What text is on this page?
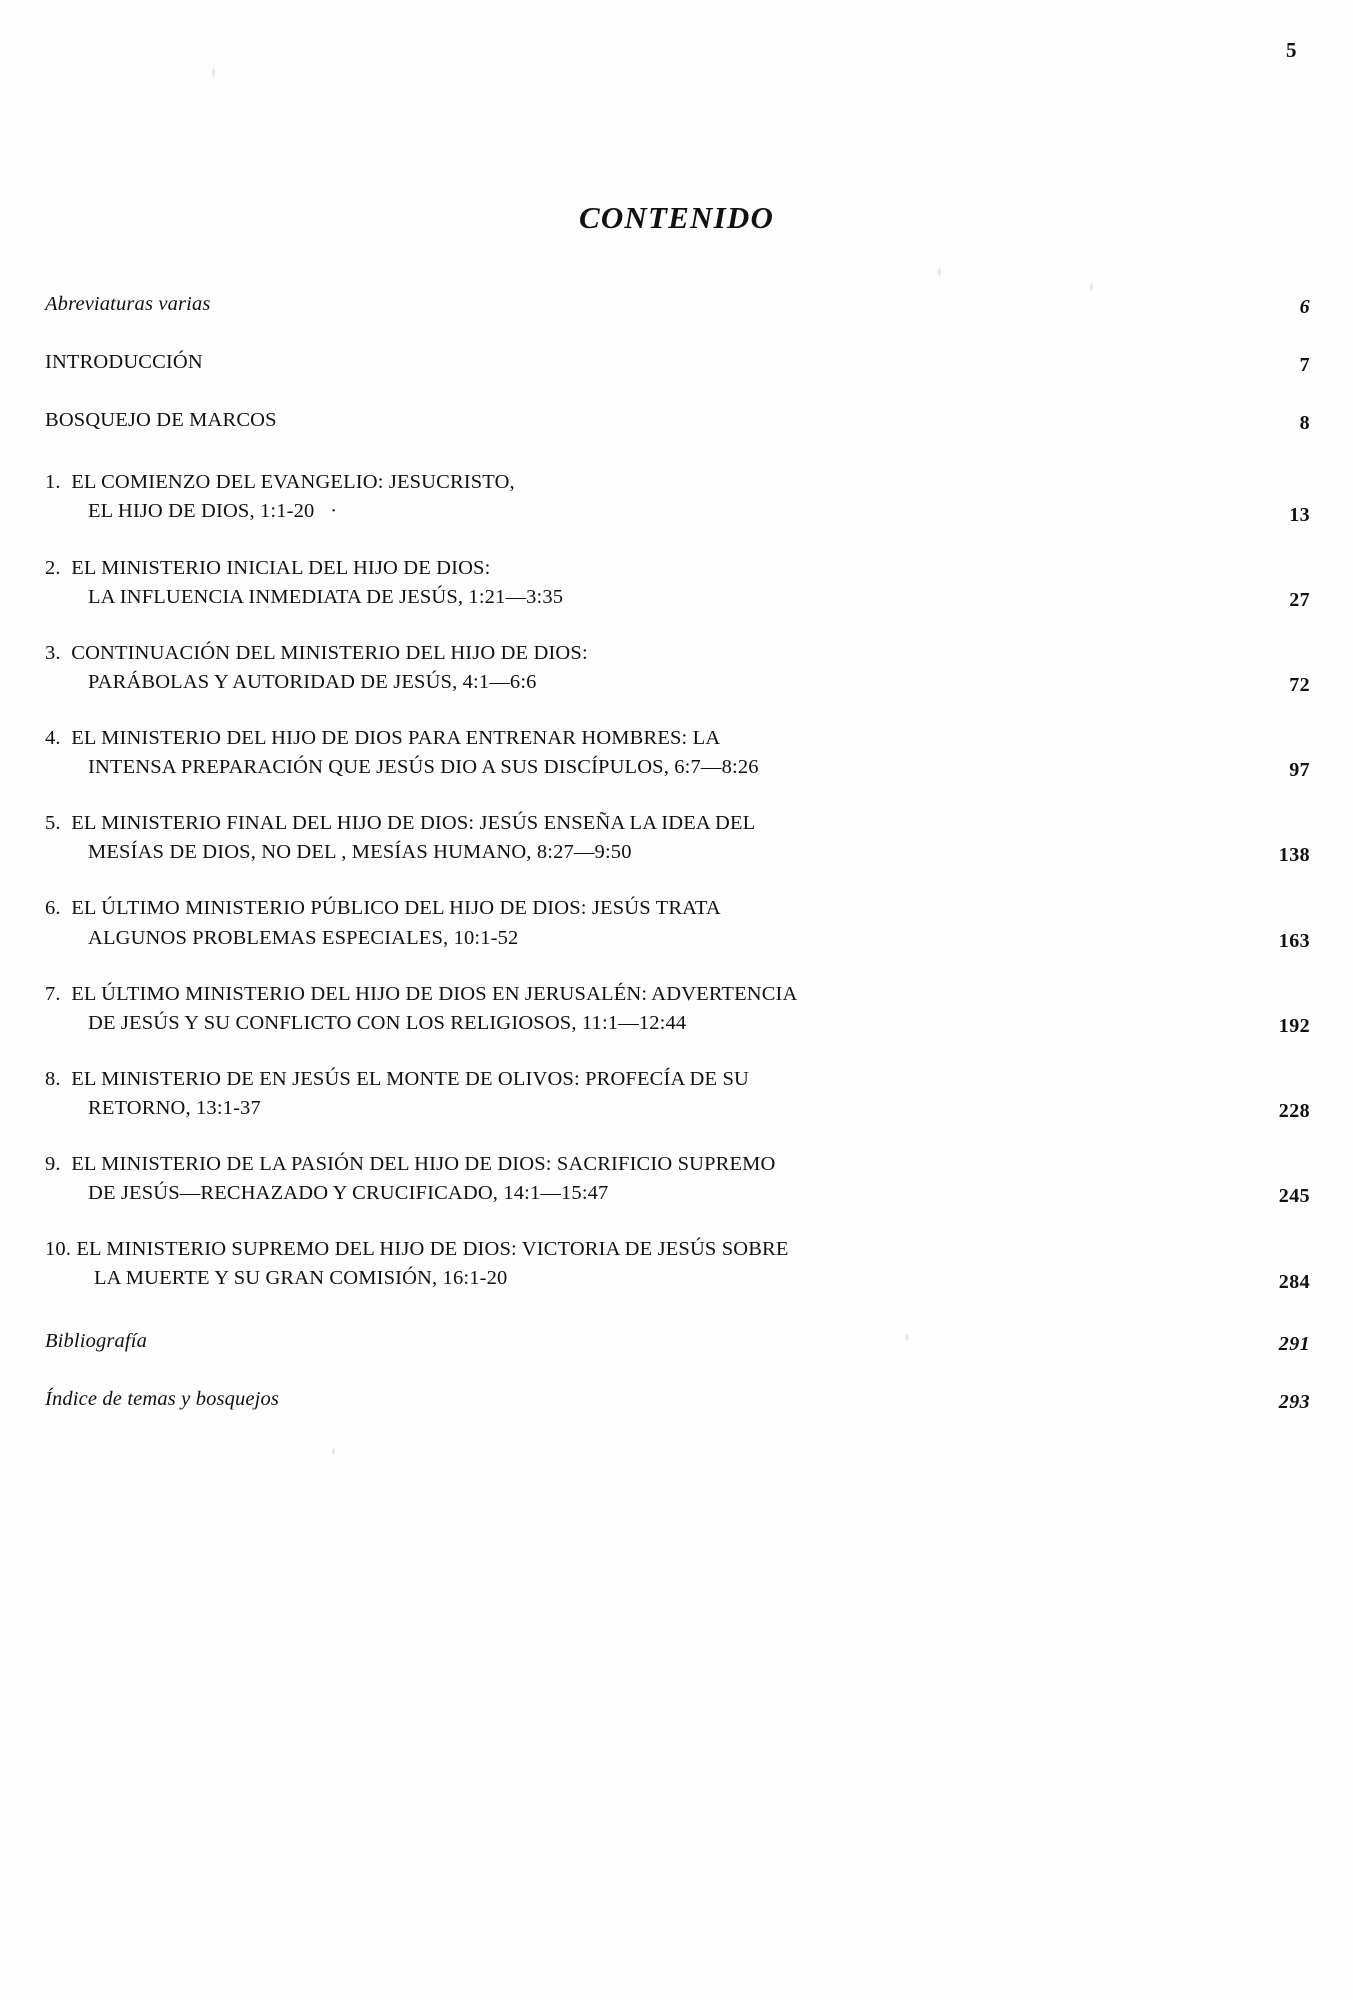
5
CONTENIDO
Abreviaturas varias	6
INTRODUCCIÓN	7
BOSQUEJO DE MARCOS	8
1. EL COMIENZO DEL EVANGELIO: JESUCRISTO,
EL HIJO DE DIOS, 1:1-20   ·	13
2. EL MINISTERIO INICIAL DEL HIJO DE DIOS:
LA INFLUENCIA INMEDIATA DE JESÚS, 1:21—3:35	27
3. CONTINUACIÓN DEL MINISTERIO DEL HIJO DE DIOS:
PARÁBOLAS Y AUTORIDAD DE JESÚS, 4:1—6:6	72
4. EL MINISTERIO DEL HIJO DE DIOS PARA ENTRENAR HOMBRES: LA
INTENSA PREPARACIÓN QUE JESÚS DIO A SUS DISCÍPULOS, 6:7—8:26	97
5. EL MINISTERIO FINAL DEL HIJO DE DIOS: JESÚS ENSEÑA LA IDEA DEL
MESÍAS DE DIOS, NO DEL , MESÍAS HUMANO, 8:27—9:50	138
6. EL ÚLTIMO MINISTERIO PÚBLICO DEL HIJO DE DIOS: JESÚS TRATA
ALGUNOS PROBLEMAS ESPECIALES, 10:1-52	163
7. EL ÚLTIMO MINISTERIO DEL HIJO DE DIOS EN JERUSALÉN: ADVERTENCIA
DE JESÚS Y SU CONFLICTO CON LOS RELIGIOSOS, 11:1—12:44	192
8. EL MINISTERIO DE EN JESÚS EL MONTE DE OLIVOS: PROFECÍA DE SU
RETORNO, 13:1-37	228
9. EL MINISTERIO DE LA PASIÓN DEL HIJO DE DIOS: SACRIFICIO SUPREMO
DE JESÚS—RECHAZADO Y CRUCIFICADO, 14:1—15:47	245
10. EL MINISTERIO SUPREMO DEL HIJO DE DIOS: VICTORIA DE JESÚS SOBRE
LA MUERTE Y SU GRAN COMISIÓN, 16:1-20	284
Bibliografía	291
Índice de temas y bosquejos	293
